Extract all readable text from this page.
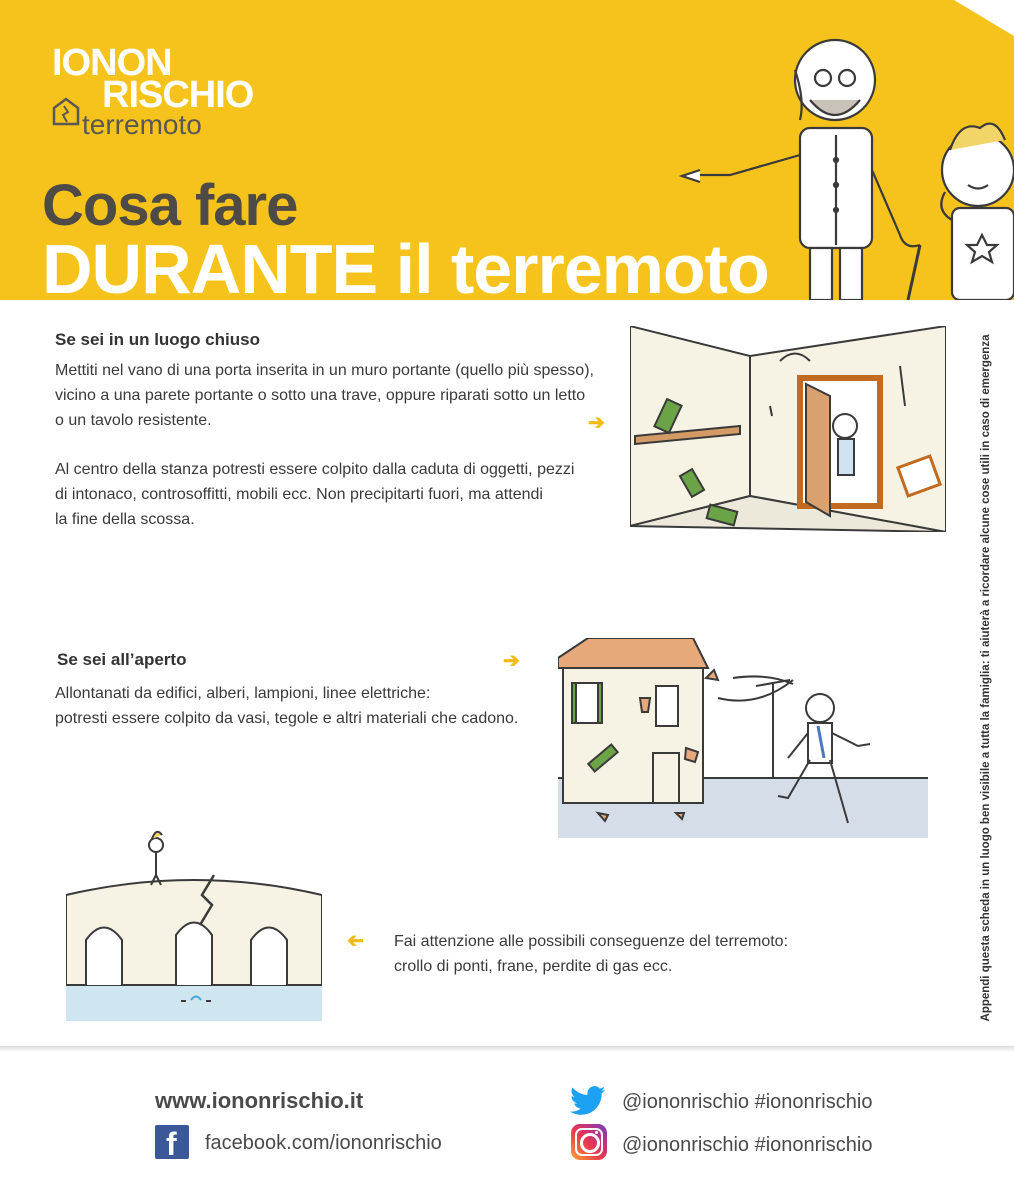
IONON
RISCHIO
terremoto
Cosa fare
DURANTE il terremoto
Appendi questa scheda in un luogo ben visibile a tutta la famiglia: ti aiuterà a ricordare alcune cose utili in caso di emergenza
Se sei in un luogo chiuso
Mettiti nel vano di una porta inserita in un muro portante (quello più spesso),
vicino a una parete portante o sotto una trave, oppure riparati sotto un letto
o un tavolo resistente.
Al centro della stanza potresti essere colpito dalla caduta di oggetti, pezzi
di intonaco, controsoffitti, mobili ecc. Non precipitarti fuori, ma attendi
la fine della scossa.
➔
Se sei all’aperto	➔
Allontanati da edifici, alberi, lampioni, linee elettriche:
potresti essere colpito da vasi, tegole e altri materiali che cadono.
➔ Fai attenzione alle possibili conseguenze del terremoto:
crollo di ponti, frane, perdite di gas ecc.
www.iononrischio.it
f facebook.com/iononrischio
@iononrischio #iononrischio
@iononrischio #iononrischio
